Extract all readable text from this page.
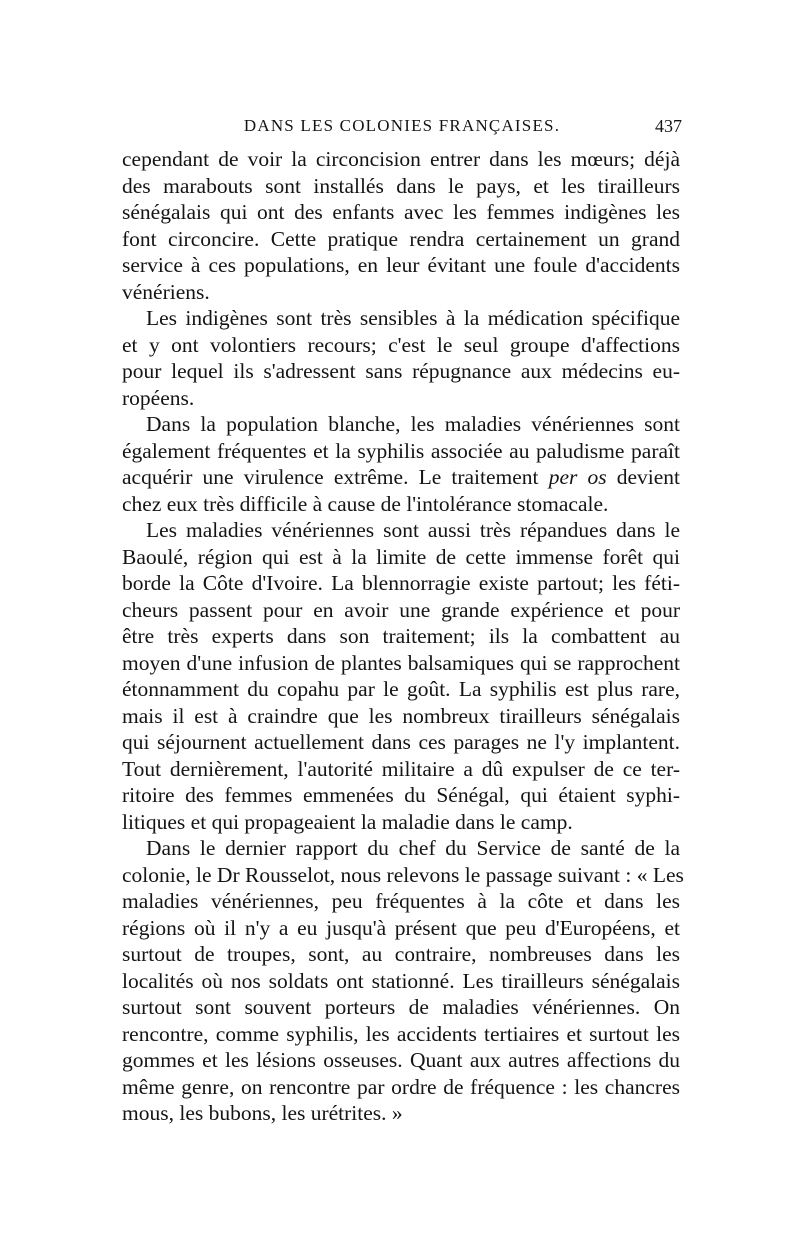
DANS LES COLONIES FRANÇAISES.	437
cependant de voir la circoncision entrer dans les mœurs; déjà
des marabouts sont installés dans le pays, et les tirailleurs
sénégalais qui ont des enfants avec les femmes indigènes les
font circoncire. Cette pratique rendra certainement un grand
service à ces populations, en leur évitant une foule d'accidents
vénériens.
Les indigènes sont très sensibles à la médication spécifique
et y ont volontiers recours; c'est le seul groupe d'affections
pour lequel ils s'adressent sans répugnance aux médecins eu-
ropéens.
Dans la population blanche, les maladies vénériennes sont
également fréquentes et la syphilis associée au paludisme paraît
acquérir une virulence extrême. Le traitement per os devient
chez eux très difficile à cause de l'intolérance stomacale.
Les maladies vénériennes sont aussi très répandues dans le
Baoulé, région qui est à la limite de cette immense forêt qui
borde la Côte d'Ivoire. La blennorragie existe partout; les féti-
cheurs passent pour en avoir une grande expérience et pour
être très experts dans son traitement; ils la combattent au
moyen d'une infusion de plantes balsamiques qui se rapprochent
étonnamment du copahu par le goût. La syphilis est plus rare,
mais il est à craindre que les nombreux tirailleurs sénégalais
qui séjournent actuellement dans ces parages ne l'y implantent.
Tout dernièrement, l'autorité militaire a dû expulser de ce ter-
ritoire des femmes emmenées du Sénégal, qui étaient syphi-
litiques et qui propageaient la maladie dans le camp.
Dans le dernier rapport du chef du Service de santé de la
colonie, le Dr Rousselot, nous relevons le passage suivant : « Les
maladies vénériennes, peu fréquentes à la côte et dans les
régions où il n'y a eu jusqu'à présent que peu d'Européens, et
surtout de troupes, sont, au contraire, nombreuses dans les
localités où nos soldats ont stationné. Les tirailleurs sénégalais
surtout sont souvent porteurs de maladies vénériennes. On
rencontre, comme syphilis, les accidents tertiaires et surtout les
gommes et les lésions osseuses. Quant aux autres affections du
même genre, on rencontre par ordre de fréquence : les chancres
mous, les bubons, les urétrites. »
